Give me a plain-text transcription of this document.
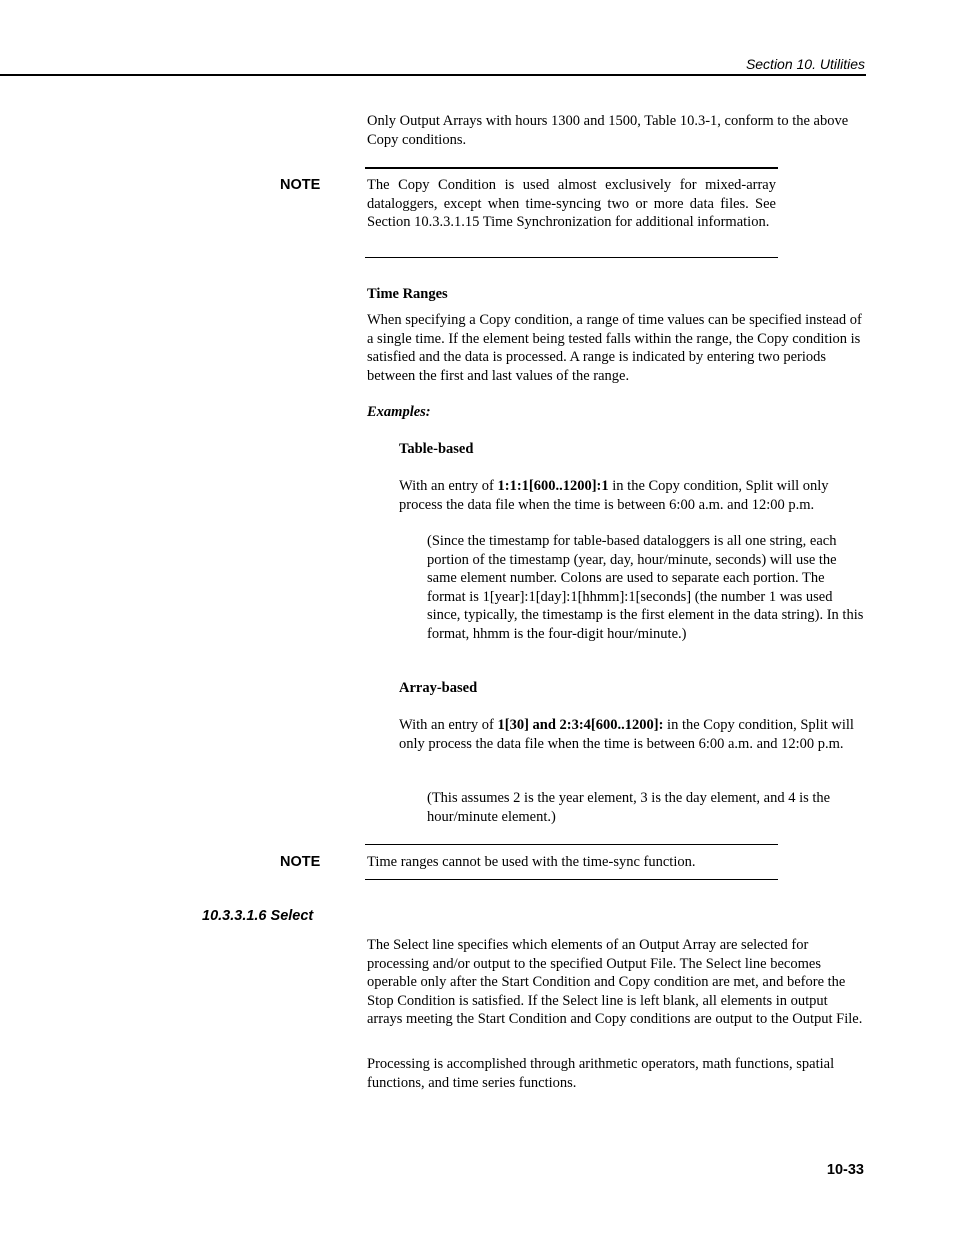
Section 10. Utilities

Only Output Arrays with hours 1300 and 1500, Table 10.3-1, conform to the above Copy conditions.

NOTE	The Copy Condition is used almost exclusively for mixed-array dataloggers, except when time-syncing two or more data files. See Section 10.3.3.1.15 Time Synchronization for additional information.

Time Ranges

When specifying a Copy condition, a range of time values can be specified instead of a single time. If the element being tested falls within the range, the Copy condition is satisfied and the data is processed. A range is indicated by entering two periods between the first and last values of the range.

Examples:
Table-based

With an entry of 1:1:1[600..1200]:1 in the Copy condition, Split will only process the data file when the time is between 6:00 a.m. and 12:00 p.m.

(Since the timestamp for table-based dataloggers is all one string, each portion of the timestamp (year, day, hour/minute, seconds) will use the same element number. Colons are used to separate each portion. The format is 1[year]:1[day]:1[hhmm]:1[seconds] (the number 1 was used since, typically, the timestamp is the first element in the data string). In this format, hhmm is the four-digit hour/minute.)

Array-based

With an entry of 1[30] and 2:3:4[600..1200]: in the Copy condition, Split will only process the data file when the time is between 6:00 a.m. and 12:00 p.m.

(This assumes 2 is the year element, 3 is the day element, and 4 is the hour/minute element.)

NOTE	Time ranges cannot be used with the time-sync function.

10.3.3.1.6 Select

The Select line specifies which elements of an Output Array are selected for processing and/or output to the specified Output File. The Select line becomes operable only after the Start Condition and Copy condition are met, and before the Stop Condition is satisfied. If the Select line is left blank, all elements in output arrays meeting the Start Condition and Copy conditions are output to the Output File.

Processing is accomplished through arithmetic operators, math functions, spatial functions, and time series functions.

10-33
